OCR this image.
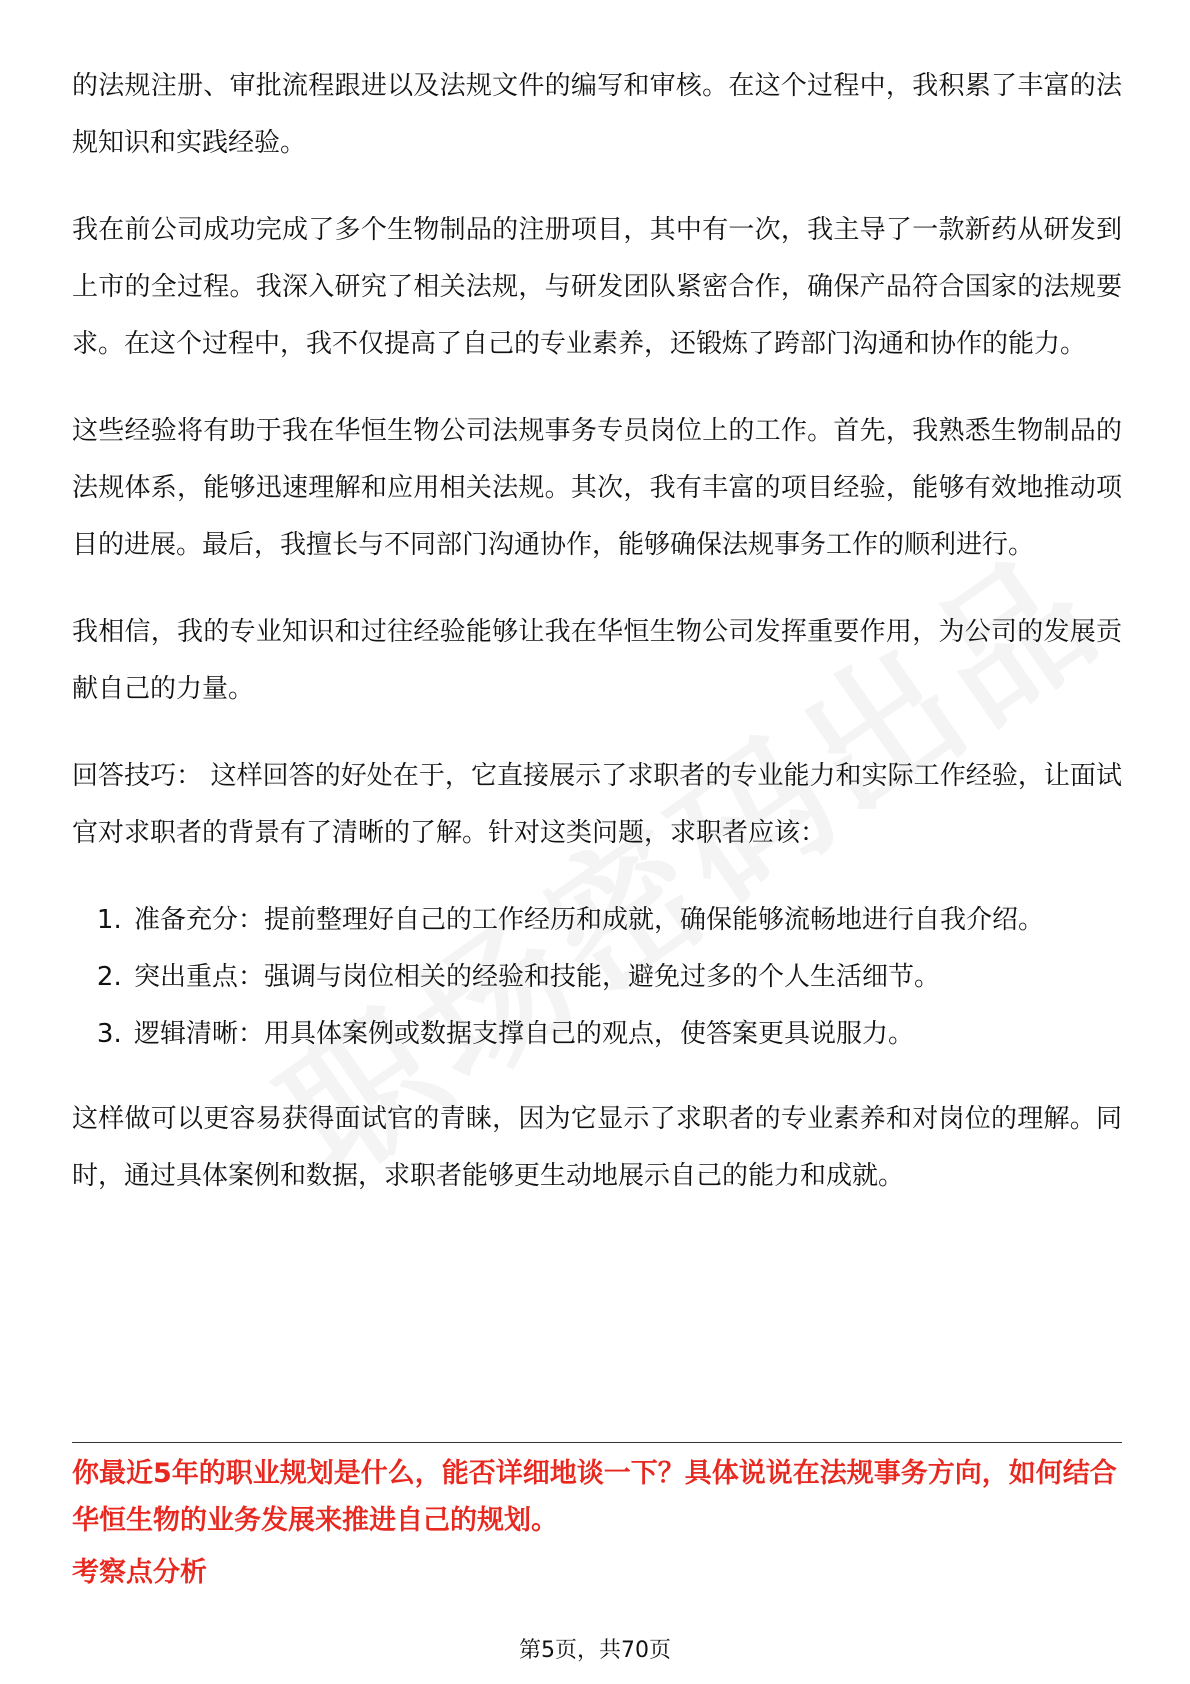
的法规注册、审批流程跟进以及法规文件的编写和审核。在这个过程中，我积累了丰富的法规知识和实践经验。

我在前公司成功完成了多个生物制品的注册项目，其中有一次，我主导了一款新药从研发到上市的全过程。我深入研究了相关法规，与研发团队紧密合作，确保产品符合国家的法规要求。在这个过程中，我不仅提高了自己的专业素养，还锻炼了跨部门沟通和协作的能力。

这些经验将有助于我在华恒生物公司法规事务专员岗位上的工作。首先，我熟悉生物制品的法规体系，能够迅速理解和应用相关法规。其次，我有丰富的项目经验，能够有效地推动项目的进展。最后，我擅长与不同部门沟通协作，能够确保法规事务工作的顺利进行。

我相信，我的专业知识和过往经验能够让我在华恒生物公司发挥重要作用，为公司的发展贡献自己的力量。

回答技巧： 这样回答的好处在于，它直接展示了求职者的专业能力和实际工作经验，让面试官对求职者的背景有了清晰的了解。针对这类问题，求职者应该：

1. 准备充分：提前整理好自己的工作经历和成就，确保能够流畅地进行自我介绍。
2. 突出重点：强调与岗位相关的经验和技能，避免过多的个人生活细节。
3. 逻辑清晰：用具体案例或数据支撑自己的观点，使答案更具说服力。

这样做可以更容易获得面试官的青睐，因为它显示了求职者的专业素养和对岗位的理解。同时，通过具体案例和数据，求职者能够更生动地展示自己的能力和成就。

你最近5年的职业规划是什么，能否详细地谈一下？具体说说在法规事务方向，如何结合华恒生物的业务发展来推进自己的规划。

考察点分析

第5页，共70页
